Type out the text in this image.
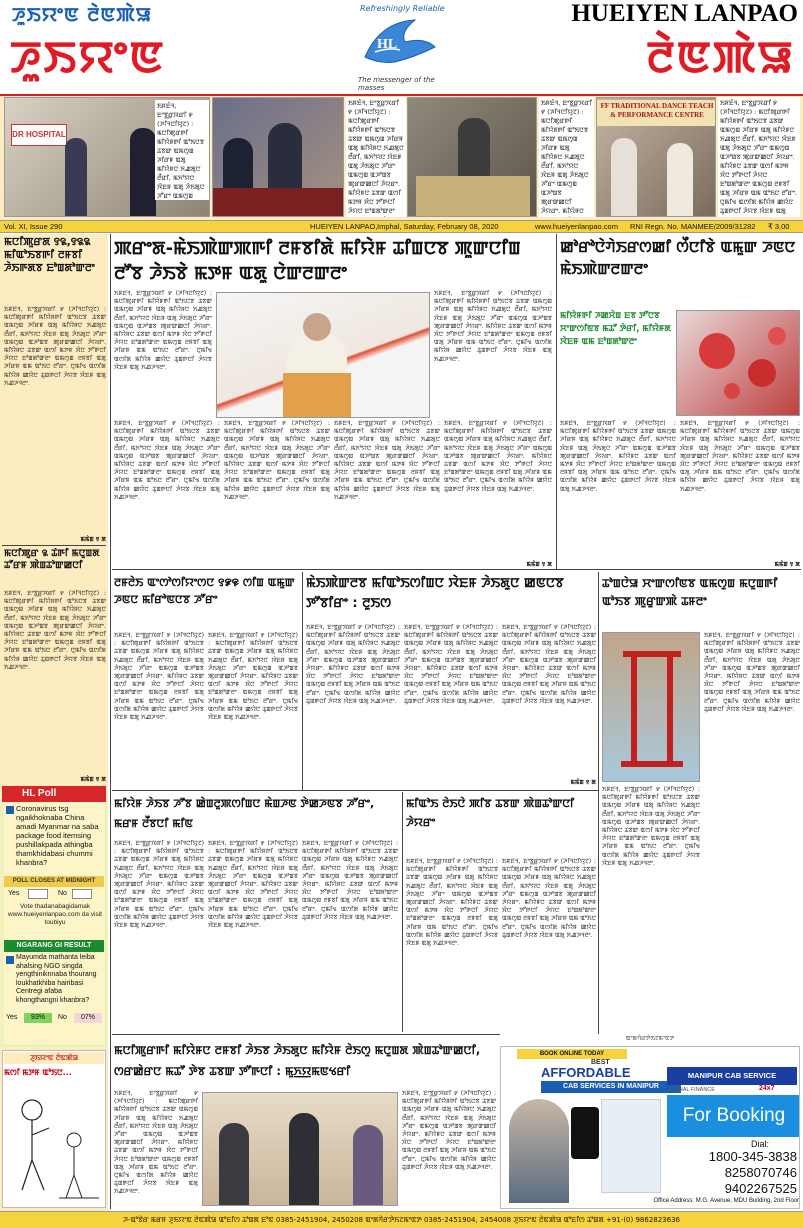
ꯍꯨꯏꯌꯦꯟ ꯂꯥꯟꯄꯥꯎ	HUEIYEN LANPAO
ꯍꯨꯏꯌꯦꯟ	ꯂꯥꯟꯄꯥꯎ
HL
Refreshingly Reliable
The messenger of the masses
DR HOSPITAL
ꯏꯝꯐꯥꯜ, ꯐꯦꯕ꯭ꯔꯨꯋꯔꯤ ꯸ (ꯍꯤꯜꯅꯤꯌꯨꯖ) : ꯃꯅꯤꯄꯨꯔꯒꯤ ꯃꯤꯌꯥꯝꯒꯤ ꯑꯣꯏꯅꯕ ꯊꯕꯛ ꯑꯃꯁꯨꯡ ꯍꯤꯔꯝ ꯑꯗꯨ ꯃꯤꯌꯥꯝꯅ ꯈꯉꯗꯨꯅ ꯂꯩꯔꯤ, ꯃꯈꯣꯌꯅ ꯋꯥꯐꯝ ꯑꯗꯨ ꯍꯥꯏꯗꯨꯅ ꯍꯧꯔꯦ ꯑꯃꯁꯨꯡ
ꯏꯝꯐꯥꯜ, ꯐꯦꯕ꯭ꯔꯨꯋꯔꯤ ꯸ (ꯍꯤꯜꯅꯤꯌꯨꯖ) : ꯃꯅꯤꯄꯨꯔꯒꯤ ꯃꯤꯌꯥꯝꯒꯤ ꯑꯣꯏꯅꯕ ꯊꯕꯛ ꯑꯃꯁꯨꯡ ꯍꯤꯔꯝ ꯑꯗꯨ ꯃꯤꯌꯥꯝꯅ ꯈꯉꯗꯨꯅ ꯂꯩꯔꯤ, ꯃꯈꯣꯌꯅ ꯋꯥꯐꯝ ꯑꯗꯨ ꯍꯥꯏꯗꯨꯅ ꯍꯧꯔꯦ ꯑꯃꯁꯨꯡ ꯑꯍꯣꯡꯕ ꯄꯨꯔꯛꯀꯅꯤ ꯍꯥꯌꯔꯦ. ꯃꯤꯌꯥꯝꯅ ꯊꯕꯛ ꯑꯁꯤ ꯃꯇꯝ ꯆꯥꯅ ꯇꯧꯒꯅꯤ ꯍꯥꯌꯅ ꯐꯣꯡꯗꯣꯛꯂꯦ
ꯏꯝꯐꯥꯜ, ꯐꯦꯕ꯭ꯔꯨꯋꯔꯤ ꯸ (ꯍꯤꯜꯅꯤꯌꯨꯖ) : ꯃꯅꯤꯄꯨꯔꯒꯤ ꯃꯤꯌꯥꯝꯒꯤ ꯑꯣꯏꯅꯕ ꯊꯕꯛ ꯑꯃꯁꯨꯡ ꯍꯤꯔꯝ ꯑꯗꯨ ꯃꯤꯌꯥꯝꯅ ꯈꯉꯗꯨꯅ ꯂꯩꯔꯤ, ꯃꯈꯣꯌꯅ ꯋꯥꯐꯝ ꯑꯗꯨ ꯍꯥꯏꯗꯨꯅ ꯍꯧꯔꯦ ꯑꯃꯁꯨꯡ ꯑꯍꯣꯡꯕ ꯄꯨꯔꯛꯀꯅꯤ ꯍꯥꯌꯔꯦ. ꯃꯤꯌꯥꯝꯅ
FF TRADITIONAL DANCE TEACH & PERFORMANCE CENTRE
ꯏꯝꯐꯥꯜ, ꯐꯦꯕ꯭ꯔꯨꯋꯔꯤ ꯸ (ꯍꯤꯜꯅꯤꯌꯨꯖ) : ꯃꯅꯤꯄꯨꯔꯒꯤ ꯃꯤꯌꯥꯝꯒꯤ ꯑꯣꯏꯅꯕ ꯊꯕꯛ ꯑꯃꯁꯨꯡ ꯍꯤꯔꯝ ꯑꯗꯨ ꯃꯤꯌꯥꯝꯅ ꯈꯉꯗꯨꯅ ꯂꯩꯔꯤ, ꯃꯈꯣꯌꯅ ꯋꯥꯐꯝ ꯑꯗꯨ ꯍꯥꯏꯗꯨꯅ ꯍꯧꯔꯦ ꯑꯃꯁꯨꯡ ꯑꯍꯣꯡꯕ ꯄꯨꯔꯛꯀꯅꯤ ꯍꯥꯌꯔꯦ. ꯃꯤꯌꯥꯝꯅ ꯊꯕꯛ ꯑꯁꯤ ꯃꯇꯝ ꯆꯥꯅ ꯇꯧꯒꯅꯤ ꯍꯥꯌꯅ ꯐꯣꯡꯗꯣꯛꯂꯦ ꯑꯃꯁꯨꯡ ꯂꯝꯕꯤ ꯑꯗꯨ ꯍꯤꯔꯝ ꯑꯃ ꯑꯣꯏꯅ ꯂꯧꯔꯦ. ꯅꯨꯃꯤꯠ ꯑꯁꯤꯗ ꯃꯤꯌꯥꯝ ꯀꯌꯥꯅ ꯊꯨꯡꯒꯅꯤ ꯍꯥꯌꯕ ꯋꯥꯐꯝ ꯑꯗꯨ
Vol. XI, Issue 290	HUEIYEN LANPAO, Imphal, Saturday, February 08, 2020	www.hueiyenlanpao.com RNI Regn. No. MANMEE/2009/31282 ₹ 3.00
ꯃꯅꯤꯄꯨꯔꯗ ꯱꯲,꯱꯲꯲ ꯃꯤꯑꯣꯏꯕꯒꯤ ꯂꯝꯕꯤ ꯍꯥꯏꯒꯗꯕ ꯐꯣꯡꯗꯣꯛꯂꯦ
ꯏꯝꯐꯥꯜ, ꯐꯦꯕ꯭ꯔꯨꯋꯔꯤ ꯸ (ꯍꯤꯜꯅꯤꯌꯨꯖ) : ꯃꯅꯤꯄꯨꯔꯒꯤ ꯃꯤꯌꯥꯝꯒꯤ ꯑꯣꯏꯅꯕ ꯊꯕꯛ ꯑꯃꯁꯨꯡ ꯍꯤꯔꯝ ꯑꯗꯨ ꯃꯤꯌꯥꯝꯅ ꯈꯉꯗꯨꯅ ꯂꯩꯔꯤ, ꯃꯈꯣꯌꯅ ꯋꯥꯐꯝ ꯑꯗꯨ ꯍꯥꯏꯗꯨꯅ ꯍꯧꯔꯦ ꯑꯃꯁꯨꯡ ꯑꯍꯣꯡꯕ ꯄꯨꯔꯛꯀꯅꯤ ꯍꯥꯌꯔꯦ. ꯃꯤꯌꯥꯝꯅ ꯊꯕꯛ ꯑꯁꯤ ꯃꯇꯝ ꯆꯥꯅ ꯇꯧꯒꯅꯤ ꯍꯥꯌꯅ ꯐꯣꯡꯗꯣꯛꯂꯦ ꯑꯃꯁꯨꯡ ꯂꯝꯕꯤ ꯑꯗꯨ ꯍꯤꯔꯝ ꯑꯃ ꯑꯣꯏꯅ ꯂꯧꯔꯦ. ꯅꯨꯃꯤꯠ ꯑꯁꯤꯗ ꯃꯤꯌꯥꯝ ꯀꯌꯥꯅ ꯊꯨꯡꯒꯅꯤ ꯍꯥꯌꯕ ꯋꯥꯐꯝ ꯑꯗꯨ ꯈꯉꯍꯜꯂꯦ.
ꯃꯃꯥꯡ ꯱ ꯗ
ꯃꯅꯤꯄꯨꯔ ꯲ ꯊꯥꯒꯤ ꯃꯅꯨꯡꯗ ꯊꯧꯔꯝ ꯄꯥꯡꯊꯣꯛꯀꯅꯤ
ꯏꯝꯐꯥꯜ, ꯐꯦꯕ꯭ꯔꯨꯋꯔꯤ ꯸ (ꯍꯤꯜꯅꯤꯌꯨꯖ) : ꯃꯅꯤꯄꯨꯔꯒꯤ ꯃꯤꯌꯥꯝꯒꯤ ꯑꯣꯏꯅꯕ ꯊꯕꯛ ꯑꯃꯁꯨꯡ ꯍꯤꯔꯝ ꯑꯗꯨ ꯃꯤꯌꯥꯝꯅ ꯈꯉꯗꯨꯅ ꯂꯩꯔꯤ, ꯃꯈꯣꯌꯅ ꯋꯥꯐꯝ ꯑꯗꯨ ꯍꯥꯏꯗꯨꯅ ꯍꯧꯔꯦ ꯑꯃꯁꯨꯡ ꯑꯍꯣꯡꯕ ꯄꯨꯔꯛꯀꯅꯤ ꯍꯥꯌꯔꯦ. ꯃꯤꯌꯥꯝꯅ ꯊꯕꯛ ꯑꯁꯤ ꯃꯇꯝ ꯆꯥꯅ ꯇꯧꯒꯅꯤ ꯍꯥꯌꯅ ꯐꯣꯡꯗꯣꯛꯂꯦ ꯑꯃꯁꯨꯡ ꯂꯝꯕꯤ ꯑꯗꯨ ꯍꯤꯔꯝ ꯑꯃ ꯑꯣꯏꯅ ꯂꯧꯔꯦ. ꯅꯨꯃꯤꯠ ꯑꯁꯤꯗ ꯃꯤꯌꯥꯝ ꯀꯌꯥꯅ ꯊꯨꯡꯒꯅꯤ ꯍꯥꯌꯕ ꯋꯥꯐꯝ ꯑꯗꯨ ꯈꯉꯍꯜꯂꯦ.
ꯃꯃꯥꯡ ꯱ ꯗ
HL Poll
Coronavirus tsg ngaikhoknaba China amadi Myanmar na saba package food itemsing pushillakpada athingba thamkhidabasi chummi khanbra?
POLL CLOSES AT MIDNIGHT
Yes	No
Vote thadanabagidamak www.hueiyenlanpao.com da visit toubiyu
NGARANG GI RESULT
Mayumda mathanta leiba ahalsing NGO singda yengthiniknnaba thourang loukhatkhiba hairibasi Centregi afaba khongthangni khanbra?
Yes	93%	No	07%
ꯍꯨꯏꯌꯦꯟ ꯂꯥꯟꯄꯥꯎ
ꯃꯁꯤ ꯃꯇꯝ ꯑꯣꯏꯅ...
ꯄꯔꯦꯗ-ꯃꯥꯏꯄꯥꯛꯄꯒꯤ ꯂꯝꯕꯤꯗꯥ ꯃꯤꯌꯥꯝ ꯊꯤꯡꯅꯕ ꯄꯨꯛꯅꯤꯡ ꯂꯧꯕ ꯍꯥꯏꯕꯥ ꯃꯇꯝ ꯑꯗꯨ ꯅꯥꯛꯂꯛꯂꯦ
ꯏꯝꯐꯥꯜ, ꯐꯦꯕ꯭ꯔꯨꯋꯔꯤ ꯸ (ꯍꯤꯜꯅꯤꯌꯨꯖ) : ꯃꯅꯤꯄꯨꯔꯒꯤ ꯃꯤꯌꯥꯝꯒꯤ ꯑꯣꯏꯅꯕ ꯊꯕꯛ ꯑꯃꯁꯨꯡ ꯍꯤꯔꯝ ꯑꯗꯨ ꯃꯤꯌꯥꯝꯅ ꯈꯉꯗꯨꯅ ꯂꯩꯔꯤ, ꯃꯈꯣꯌꯅ ꯋꯥꯐꯝ ꯑꯗꯨ ꯍꯥꯏꯗꯨꯅ ꯍꯧꯔꯦ ꯑꯃꯁꯨꯡ ꯑꯍꯣꯡꯕ ꯄꯨꯔꯛꯀꯅꯤ ꯍꯥꯌꯔꯦ. ꯃꯤꯌꯥꯝꯅ ꯊꯕꯛ ꯑꯁꯤ ꯃꯇꯝ ꯆꯥꯅ ꯇꯧꯒꯅꯤ ꯍꯥꯌꯅ ꯐꯣꯡꯗꯣꯛꯂꯦ ꯑꯃꯁꯨꯡ ꯂꯝꯕꯤ ꯑꯗꯨ ꯍꯤꯔꯝ ꯑꯃ ꯑꯣꯏꯅ ꯂꯧꯔꯦ. ꯅꯨꯃꯤꯠ ꯑꯁꯤꯗ ꯃꯤꯌꯥꯝ ꯀꯌꯥꯅ ꯊꯨꯡꯒꯅꯤ ꯍꯥꯌꯕ ꯋꯥꯐꯝ ꯑꯗꯨ ꯈꯉꯍꯜꯂꯦ.
ꯏꯝꯐꯥꯜ, ꯐꯦꯕ꯭ꯔꯨꯋꯔꯤ ꯸ (ꯍꯤꯜꯅꯤꯌꯨꯖ) : ꯃꯅꯤꯄꯨꯔꯒꯤ ꯃꯤꯌꯥꯝꯒꯤ ꯑꯣꯏꯅꯕ ꯊꯕꯛ ꯑꯃꯁꯨꯡ ꯍꯤꯔꯝ ꯑꯗꯨ ꯃꯤꯌꯥꯝꯅ ꯈꯉꯗꯨꯅ ꯂꯩꯔꯤ, ꯃꯈꯣꯌꯅ ꯋꯥꯐꯝ ꯑꯗꯨ ꯍꯥꯏꯗꯨꯅ ꯍꯧꯔꯦ ꯑꯃꯁꯨꯡ ꯑꯍꯣꯡꯕ ꯄꯨꯔꯛꯀꯅꯤ ꯍꯥꯌꯔꯦ. ꯃꯤꯌꯥꯝꯅ ꯊꯕꯛ ꯑꯁꯤ ꯃꯇꯝ ꯆꯥꯅ ꯇꯧꯒꯅꯤ ꯍꯥꯌꯅ ꯐꯣꯡꯗꯣꯛꯂꯦ ꯑꯃꯁꯨꯡ ꯂꯝꯕꯤ ꯑꯗꯨ ꯍꯤꯔꯝ ꯑꯃ ꯑꯣꯏꯅ ꯂꯧꯔꯦ. ꯅꯨꯃꯤꯠ ꯑꯁꯤꯗ ꯃꯤꯌꯥꯝ ꯀꯌꯥꯅ ꯊꯨꯡꯒꯅꯤ ꯍꯥꯌꯕ ꯋꯥꯐꯝ ꯑꯗꯨ ꯈꯉꯍꯜꯂꯦ.
ꯏꯝꯐꯥꯜ, ꯐꯦꯕ꯭ꯔꯨꯋꯔꯤ ꯸ (ꯍꯤꯜꯅꯤꯌꯨꯖ) : ꯃꯅꯤꯄꯨꯔꯒꯤ ꯃꯤꯌꯥꯝꯒꯤ ꯑꯣꯏꯅꯕ ꯊꯕꯛ ꯑꯃꯁꯨꯡ ꯍꯤꯔꯝ ꯑꯗꯨ ꯃꯤꯌꯥꯝꯅ ꯈꯉꯗꯨꯅ ꯂꯩꯔꯤ, ꯃꯈꯣꯌꯅ ꯋꯥꯐꯝ ꯑꯗꯨ ꯍꯥꯏꯗꯨꯅ ꯍꯧꯔꯦ ꯑꯃꯁꯨꯡ ꯑꯍꯣꯡꯕ ꯄꯨꯔꯛꯀꯅꯤ ꯍꯥꯌꯔꯦ. ꯃꯤꯌꯥꯝꯅ ꯊꯕꯛ ꯑꯁꯤ ꯃꯇꯝ ꯆꯥꯅ ꯇꯧꯒꯅꯤ ꯍꯥꯌꯅ ꯐꯣꯡꯗꯣꯛꯂꯦ ꯑꯃꯁꯨꯡ ꯂꯝꯕꯤ ꯑꯗꯨ ꯍꯤꯔꯝ ꯑꯃ ꯑꯣꯏꯅ ꯂꯧꯔꯦ. ꯅꯨꯃꯤꯠ ꯑꯁꯤꯗ ꯃꯤꯌꯥꯝ ꯀꯌꯥꯅ ꯊꯨꯡꯒꯅꯤ ꯍꯥꯌꯕ ꯋꯥꯐꯝ ꯑꯗꯨ ꯈꯉꯍꯜꯂꯦ.
ꯏꯝꯐꯥꯜ, ꯐꯦꯕ꯭ꯔꯨꯋꯔꯤ ꯸ (ꯍꯤꯜꯅꯤꯌꯨꯖ) : ꯃꯅꯤꯄꯨꯔꯒꯤ ꯃꯤꯌꯥꯝꯒꯤ ꯑꯣꯏꯅꯕ ꯊꯕꯛ ꯑꯃꯁꯨꯡ ꯍꯤꯔꯝ ꯑꯗꯨ ꯃꯤꯌꯥꯝꯅ ꯈꯉꯗꯨꯅ ꯂꯩꯔꯤ, ꯃꯈꯣꯌꯅ ꯋꯥꯐꯝ ꯑꯗꯨ ꯍꯥꯏꯗꯨꯅ ꯍꯧꯔꯦ ꯑꯃꯁꯨꯡ ꯑꯍꯣꯡꯕ ꯄꯨꯔꯛꯀꯅꯤ ꯍꯥꯌꯔꯦ. ꯃꯤꯌꯥꯝꯅ ꯊꯕꯛ ꯑꯁꯤ ꯃꯇꯝ ꯆꯥꯅ ꯇꯧꯒꯅꯤ ꯍꯥꯌꯅ ꯐꯣꯡꯗꯣꯛꯂꯦ ꯑꯃꯁꯨꯡ ꯂꯝꯕꯤ ꯑꯗꯨ ꯍꯤꯔꯝ ꯑꯃ ꯑꯣꯏꯅ ꯂꯧꯔꯦ. ꯅꯨꯃꯤꯠ ꯑꯁꯤꯗ ꯃꯤꯌꯥꯝ ꯀꯌꯥꯅ ꯊꯨꯡꯒꯅꯤ ꯍꯥꯌꯕ ꯋꯥꯐꯝ ꯑꯗꯨ ꯈꯉꯍꯜꯂꯦ.
ꯏꯝꯐꯥꯜ, ꯐꯦꯕ꯭ꯔꯨꯋꯔꯤ ꯸ (ꯍꯤꯜꯅꯤꯌꯨꯖ) : ꯃꯅꯤꯄꯨꯔꯒꯤ ꯃꯤꯌꯥꯝꯒꯤ ꯑꯣꯏꯅꯕ ꯊꯕꯛ ꯑꯃꯁꯨꯡ ꯍꯤꯔꯝ ꯑꯗꯨ ꯃꯤꯌꯥꯝꯅ ꯈꯉꯗꯨꯅ ꯂꯩꯔꯤ, ꯃꯈꯣꯌꯅ ꯋꯥꯐꯝ ꯑꯗꯨ ꯍꯥꯏꯗꯨꯅ ꯍꯧꯔꯦ ꯑꯃꯁꯨꯡ ꯑꯍꯣꯡꯕ ꯄꯨꯔꯛꯀꯅꯤ ꯍꯥꯌꯔꯦ. ꯃꯤꯌꯥꯝꯅ ꯊꯕꯛ ꯑꯁꯤ ꯃꯇꯝ ꯆꯥꯅ ꯇꯧꯒꯅꯤ ꯍꯥꯌꯅ ꯐꯣꯡꯗꯣꯛꯂꯦ ꯑꯃꯁꯨꯡ ꯂꯝꯕꯤ ꯑꯗꯨ ꯍꯤꯔꯝ ꯑꯃ ꯑꯣꯏꯅ ꯂꯧꯔꯦ. ꯅꯨꯃꯤꯠ ꯑꯁꯤꯗ ꯃꯤꯌꯥꯝ ꯀꯌꯥꯅ ꯊꯨꯡꯒꯅꯤ ꯍꯥꯌꯕ ꯋꯥꯐꯝ ꯑꯗꯨ ꯈꯉꯍꯜꯂꯦ.
ꯏꯝꯐꯥꯜ, ꯐꯦꯕ꯭ꯔꯨꯋꯔꯤ ꯸ (ꯍꯤꯜꯅꯤꯌꯨꯖ) : ꯃꯅꯤꯄꯨꯔꯒꯤ ꯃꯤꯌꯥꯝꯒꯤ ꯑꯣꯏꯅꯕ ꯊꯕꯛ ꯑꯃꯁꯨꯡ ꯍꯤꯔꯝ ꯑꯗꯨ ꯃꯤꯌꯥꯝꯅ ꯈꯉꯗꯨꯅ ꯂꯩꯔꯤ, ꯃꯈꯣꯌꯅ ꯋꯥꯐꯝ ꯑꯗꯨ ꯍꯥꯏꯗꯨꯅ ꯍꯧꯔꯦ ꯑꯃꯁꯨꯡ ꯑꯍꯣꯡꯕ ꯄꯨꯔꯛꯀꯅꯤ ꯍꯥꯌꯔꯦ. ꯃꯤꯌꯥꯝꯅ ꯊꯕꯛ ꯑꯁꯤ ꯃꯇꯝ ꯆꯥꯅ ꯇꯧꯒꯅꯤ ꯍꯥꯌꯅ ꯐꯣꯡꯗꯣꯛꯂꯦ ꯑꯃꯁꯨꯡ ꯂꯝꯕꯤ ꯑꯗꯨ ꯍꯤꯔꯝ ꯑꯃ ꯑꯣꯏꯅ ꯂꯧꯔꯦ. ꯅꯨꯃꯤꯠ ꯑꯁꯤꯗ ꯃꯤꯌꯥꯝ ꯀꯌꯥꯅ ꯊꯨꯡꯒꯅꯤ ꯍꯥꯌꯕ ꯋꯥꯐꯝ ꯑꯗꯨ ꯈꯉꯍꯜꯂꯦ.
ꯃꯃꯥꯡ ꯱ ꯗ
ꯀꯣꯔꯣꯅꯥꯚꯥꯏꯔꯁꯀꯤ ꯁꯩꯅꯤꯕꯥ ꯑꯃꯨꯛ ꯍꯟꯅ ꯃꯥꯏꯄꯥꯛꯂꯛꯂꯦ
ꯃꯤꯌꯥꯝꯒꯤ ꯍꯀꯆꯥꯡ ꯐꯕ ꯇꯧꯅꯕ ꯆꯦꯛꯁꯤꯟꯕ ꯃꯊꯧ ꯇꯥꯔꯤ, ꯃꯤꯌꯥꯝꯗ ꯋꯥꯐꯝ ꯑꯃ ꯐꯣꯡꯗꯣꯛꯂꯦ
ꯏꯝꯐꯥꯜ, ꯐꯦꯕ꯭ꯔꯨꯋꯔꯤ ꯸ (ꯍꯤꯜꯅꯤꯌꯨꯖ) : ꯃꯅꯤꯄꯨꯔꯒꯤ ꯃꯤꯌꯥꯝꯒꯤ ꯑꯣꯏꯅꯕ ꯊꯕꯛ ꯑꯃꯁꯨꯡ ꯍꯤꯔꯝ ꯑꯗꯨ ꯃꯤꯌꯥꯝꯅ ꯈꯉꯗꯨꯅ ꯂꯩꯔꯤ, ꯃꯈꯣꯌꯅ ꯋꯥꯐꯝ ꯑꯗꯨ ꯍꯥꯏꯗꯨꯅ ꯍꯧꯔꯦ ꯑꯃꯁꯨꯡ ꯑꯍꯣꯡꯕ ꯄꯨꯔꯛꯀꯅꯤ ꯍꯥꯌꯔꯦ. ꯃꯤꯌꯥꯝꯅ ꯊꯕꯛ ꯑꯁꯤ ꯃꯇꯝ ꯆꯥꯅ ꯇꯧꯒꯅꯤ ꯍꯥꯌꯅ ꯐꯣꯡꯗꯣꯛꯂꯦ ꯑꯃꯁꯨꯡ ꯂꯝꯕꯤ ꯑꯗꯨ ꯍꯤꯔꯝ ꯑꯃ ꯑꯣꯏꯅ ꯂꯧꯔꯦ. ꯅꯨꯃꯤꯠ ꯑꯁꯤꯗ ꯃꯤꯌꯥꯝ ꯀꯌꯥꯅ ꯊꯨꯡꯒꯅꯤ ꯍꯥꯌꯕ ꯋꯥꯐꯝ ꯑꯗꯨ ꯈꯉꯍꯜꯂꯦ.
ꯏꯝꯐꯥꯜ, ꯐꯦꯕ꯭ꯔꯨꯋꯔꯤ ꯸ (ꯍꯤꯜꯅꯤꯌꯨꯖ) : ꯃꯅꯤꯄꯨꯔꯒꯤ ꯃꯤꯌꯥꯝꯒꯤ ꯑꯣꯏꯅꯕ ꯊꯕꯛ ꯑꯃꯁꯨꯡ ꯍꯤꯔꯝ ꯑꯗꯨ ꯃꯤꯌꯥꯝꯅ ꯈꯉꯗꯨꯅ ꯂꯩꯔꯤ, ꯃꯈꯣꯌꯅ ꯋꯥꯐꯝ ꯑꯗꯨ ꯍꯥꯏꯗꯨꯅ ꯍꯧꯔꯦ ꯑꯃꯁꯨꯡ ꯑꯍꯣꯡꯕ ꯄꯨꯔꯛꯀꯅꯤ ꯍꯥꯌꯔꯦ. ꯃꯤꯌꯥꯝꯅ ꯊꯕꯛ ꯑꯁꯤ ꯃꯇꯝ ꯆꯥꯅ ꯇꯧꯒꯅꯤ ꯍꯥꯌꯅ ꯐꯣꯡꯗꯣꯛꯂꯦ ꯑꯃꯁꯨꯡ ꯂꯝꯕꯤ ꯑꯗꯨ ꯍꯤꯔꯝ ꯑꯃ ꯑꯣꯏꯅ ꯂꯧꯔꯦ. ꯅꯨꯃꯤꯠ ꯑꯁꯤꯗ ꯃꯤꯌꯥꯝ ꯀꯌꯥꯅ ꯊꯨꯡꯒꯅꯤ ꯍꯥꯌꯕ ꯋꯥꯐꯝ ꯑꯗꯨ ꯈꯉꯍꯜꯂꯦ.
ꯃꯃꯥꯡ ꯱ ꯗ
ꯂꯝꯂꯥꯏ ꯑꯦꯁꯣꯁꯤꯌꯦꯁꯅ ꯱꯹꯶ ꯁꯤꯡ ꯑꯃꯨꯛ ꯍꯟꯅ ꯃꯤꯔꯣꯟꯅꯕ ꯍꯧꯔꯦ
ꯏꯝꯐꯥꯜ, ꯐꯦꯕ꯭ꯔꯨꯋꯔꯤ ꯸ (ꯍꯤꯜꯅꯤꯌꯨꯖ) : ꯃꯅꯤꯄꯨꯔꯒꯤ ꯃꯤꯌꯥꯝꯒꯤ ꯑꯣꯏꯅꯕ ꯊꯕꯛ ꯑꯃꯁꯨꯡ ꯍꯤꯔꯝ ꯑꯗꯨ ꯃꯤꯌꯥꯝꯅ ꯈꯉꯗꯨꯅ ꯂꯩꯔꯤ, ꯃꯈꯣꯌꯅ ꯋꯥꯐꯝ ꯑꯗꯨ ꯍꯥꯏꯗꯨꯅ ꯍꯧꯔꯦ ꯑꯃꯁꯨꯡ ꯑꯍꯣꯡꯕ ꯄꯨꯔꯛꯀꯅꯤ ꯍꯥꯌꯔꯦ. ꯃꯤꯌꯥꯝꯅ ꯊꯕꯛ ꯑꯁꯤ ꯃꯇꯝ ꯆꯥꯅ ꯇꯧꯒꯅꯤ ꯍꯥꯌꯅ ꯐꯣꯡꯗꯣꯛꯂꯦ ꯑꯃꯁꯨꯡ ꯂꯝꯕꯤ ꯑꯗꯨ ꯍꯤꯔꯝ ꯑꯃ ꯑꯣꯏꯅ ꯂꯧꯔꯦ. ꯅꯨꯃꯤꯠ ꯑꯁꯤꯗ ꯃꯤꯌꯥꯝ ꯀꯌꯥꯅ ꯊꯨꯡꯒꯅꯤ ꯍꯥꯌꯕ ꯋꯥꯐꯝ ꯑꯗꯨ ꯈꯉꯍꯜꯂꯦ.
ꯏꯝꯐꯥꯜ, ꯐꯦꯕ꯭ꯔꯨꯋꯔꯤ ꯸ (ꯍꯤꯜꯅꯤꯌꯨꯖ) : ꯃꯅꯤꯄꯨꯔꯒꯤ ꯃꯤꯌꯥꯝꯒꯤ ꯑꯣꯏꯅꯕ ꯊꯕꯛ ꯑꯃꯁꯨꯡ ꯍꯤꯔꯝ ꯑꯗꯨ ꯃꯤꯌꯥꯝꯅ ꯈꯉꯗꯨꯅ ꯂꯩꯔꯤ, ꯃꯈꯣꯌꯅ ꯋꯥꯐꯝ ꯑꯗꯨ ꯍꯥꯏꯗꯨꯅ ꯍꯧꯔꯦ ꯑꯃꯁꯨꯡ ꯑꯍꯣꯡꯕ ꯄꯨꯔꯛꯀꯅꯤ ꯍꯥꯌꯔꯦ. ꯃꯤꯌꯥꯝꯅ ꯊꯕꯛ ꯑꯁꯤ ꯃꯇꯝ ꯆꯥꯅ ꯇꯧꯒꯅꯤ ꯍꯥꯌꯅ ꯐꯣꯡꯗꯣꯛꯂꯦ ꯑꯃꯁꯨꯡ ꯂꯝꯕꯤ ꯑꯗꯨ ꯍꯤꯔꯝ ꯑꯃ ꯑꯣꯏꯅ ꯂꯧꯔꯦ. ꯅꯨꯃꯤꯠ ꯑꯁꯤꯗ ꯃꯤꯌꯥꯝ ꯀꯌꯥꯅ ꯊꯨꯡꯒꯅꯤ ꯍꯥꯌꯕ ꯋꯥꯐꯝ ꯑꯗꯨ ꯈꯉꯍꯜꯂꯦ.
ꯃꯥꯏꯄꯥꯛꯂꯕ ꯃꯤꯑꯣꯏꯁꯤꯡꯅ ꯋꯥꯐꯝ ꯍꯥꯏꯗꯨꯅ ꯀꯟꯅꯕ ꯇꯧꯕꯤꯔꯦ : ꯂꯨꯏꯁ
ꯏꯝꯐꯥꯜ, ꯐꯦꯕ꯭ꯔꯨꯋꯔꯤ ꯸ (ꯍꯤꯜꯅꯤꯌꯨꯖ) : ꯃꯅꯤꯄꯨꯔꯒꯤ ꯃꯤꯌꯥꯝꯒꯤ ꯑꯣꯏꯅꯕ ꯊꯕꯛ ꯑꯃꯁꯨꯡ ꯍꯤꯔꯝ ꯑꯗꯨ ꯃꯤꯌꯥꯝꯅ ꯈꯉꯗꯨꯅ ꯂꯩꯔꯤ, ꯃꯈꯣꯌꯅ ꯋꯥꯐꯝ ꯑꯗꯨ ꯍꯥꯏꯗꯨꯅ ꯍꯧꯔꯦ ꯑꯃꯁꯨꯡ ꯑꯍꯣꯡꯕ ꯄꯨꯔꯛꯀꯅꯤ ꯍꯥꯌꯔꯦ. ꯃꯤꯌꯥꯝꯅ ꯊꯕꯛ ꯑꯁꯤ ꯃꯇꯝ ꯆꯥꯅ ꯇꯧꯒꯅꯤ ꯍꯥꯌꯅ ꯐꯣꯡꯗꯣꯛꯂꯦ ꯑꯃꯁꯨꯡ ꯂꯝꯕꯤ ꯑꯗꯨ ꯍꯤꯔꯝ ꯑꯃ ꯑꯣꯏꯅ ꯂꯧꯔꯦ. ꯅꯨꯃꯤꯠ ꯑꯁꯤꯗ ꯃꯤꯌꯥꯝ ꯀꯌꯥꯅ ꯊꯨꯡꯒꯅꯤ ꯍꯥꯌꯕ ꯋꯥꯐꯝ ꯑꯗꯨ ꯈꯉꯍꯜꯂꯦ.
ꯏꯝꯐꯥꯜ, ꯐꯦꯕ꯭ꯔꯨꯋꯔꯤ ꯸ (ꯍꯤꯜꯅꯤꯌꯨꯖ) : ꯃꯅꯤꯄꯨꯔꯒꯤ ꯃꯤꯌꯥꯝꯒꯤ ꯑꯣꯏꯅꯕ ꯊꯕꯛ ꯑꯃꯁꯨꯡ ꯍꯤꯔꯝ ꯑꯗꯨ ꯃꯤꯌꯥꯝꯅ ꯈꯉꯗꯨꯅ ꯂꯩꯔꯤ, ꯃꯈꯣꯌꯅ ꯋꯥꯐꯝ ꯑꯗꯨ ꯍꯥꯏꯗꯨꯅ ꯍꯧꯔꯦ ꯑꯃꯁꯨꯡ ꯑꯍꯣꯡꯕ ꯄꯨꯔꯛꯀꯅꯤ ꯍꯥꯌꯔꯦ. ꯃꯤꯌꯥꯝꯅ ꯊꯕꯛ ꯑꯁꯤ ꯃꯇꯝ ꯆꯥꯅ ꯇꯧꯒꯅꯤ ꯍꯥꯌꯅ ꯐꯣꯡꯗꯣꯛꯂꯦ ꯑꯃꯁꯨꯡ ꯂꯝꯕꯤ ꯑꯗꯨ ꯍꯤꯔꯝ ꯑꯃ ꯑꯣꯏꯅ ꯂꯧꯔꯦ. ꯅꯨꯃꯤꯠ ꯑꯁꯤꯗ ꯃꯤꯌꯥꯝ ꯀꯌꯥꯅ ꯊꯨꯡꯒꯅꯤ ꯍꯥꯌꯕ ꯋꯥꯐꯝ ꯑꯗꯨ ꯈꯉꯍꯜꯂꯦ.
ꯏꯝꯐꯥꯜ, ꯐꯦꯕ꯭ꯔꯨꯋꯔꯤ ꯸ (ꯍꯤꯜꯅꯤꯌꯨꯖ) : ꯃꯅꯤꯄꯨꯔꯒꯤ ꯃꯤꯌꯥꯝꯒꯤ ꯑꯣꯏꯅꯕ ꯊꯕꯛ ꯑꯃꯁꯨꯡ ꯍꯤꯔꯝ ꯑꯗꯨ ꯃꯤꯌꯥꯝꯅ ꯈꯉꯗꯨꯅ ꯂꯩꯔꯤ, ꯃꯈꯣꯌꯅ ꯋꯥꯐꯝ ꯑꯗꯨ ꯍꯥꯏꯗꯨꯅ ꯍꯧꯔꯦ ꯑꯃꯁꯨꯡ ꯑꯍꯣꯡꯕ ꯄꯨꯔꯛꯀꯅꯤ ꯍꯥꯌꯔꯦ. ꯃꯤꯌꯥꯝꯅ ꯊꯕꯛ ꯑꯁꯤ ꯃꯇꯝ ꯆꯥꯅ ꯇꯧꯒꯅꯤ ꯍꯥꯌꯅ ꯐꯣꯡꯗꯣꯛꯂꯦ ꯑꯃꯁꯨꯡ ꯂꯝꯕꯤ ꯑꯗꯨ ꯍꯤꯔꯝ ꯑꯃ ꯑꯣꯏꯅ ꯂꯧꯔꯦ. ꯅꯨꯃꯤꯠ ꯑꯁꯤꯗ ꯃꯤꯌꯥꯝ ꯀꯌꯥꯅ ꯊꯨꯡꯒꯅꯤ ꯍꯥꯌꯕ ꯋꯥꯐꯝ ꯑꯗꯨ ꯈꯉꯍꯜꯂꯦ.
ꯃꯃꯥꯡ ꯱ ꯗ
ꯊꯣꯡꯅꯥꯎ ꯆꯦꯛꯁꯤꯟꯕ ꯑꯃꯁꯨꯡ ꯃꯅꯨꯡꯒꯤ ꯑꯣꯏꯕ ꯄꯨꯔꯨꯛꯄꯥ ꯊꯝꯂꯦ
ꯏꯝꯐꯥꯜ, ꯐꯦꯕ꯭ꯔꯨꯋꯔꯤ ꯸ (ꯍꯤꯜꯅꯤꯌꯨꯖ) : ꯃꯅꯤꯄꯨꯔꯒꯤ ꯃꯤꯌꯥꯝꯒꯤ ꯑꯣꯏꯅꯕ ꯊꯕꯛ ꯑꯃꯁꯨꯡ ꯍꯤꯔꯝ ꯑꯗꯨ ꯃꯤꯌꯥꯝꯅ ꯈꯉꯗꯨꯅ ꯂꯩꯔꯤ, ꯃꯈꯣꯌꯅ ꯋꯥꯐꯝ ꯑꯗꯨ ꯍꯥꯏꯗꯨꯅ ꯍꯧꯔꯦ ꯑꯃꯁꯨꯡ ꯑꯍꯣꯡꯕ ꯄꯨꯔꯛꯀꯅꯤ ꯍꯥꯌꯔꯦ. ꯃꯤꯌꯥꯝꯅ ꯊꯕꯛ ꯑꯁꯤ ꯃꯇꯝ ꯆꯥꯅ ꯇꯧꯒꯅꯤ ꯍꯥꯌꯅ ꯐꯣꯡꯗꯣꯛꯂꯦ ꯑꯃꯁꯨꯡ ꯂꯝꯕꯤ ꯑꯗꯨ ꯍꯤꯔꯝ ꯑꯃ ꯑꯣꯏꯅ ꯂꯧꯔꯦ. ꯅꯨꯃꯤꯠ ꯑꯁꯤꯗ ꯃꯤꯌꯥꯝ ꯀꯌꯥꯅ ꯊꯨꯡꯒꯅꯤ ꯍꯥꯌꯕ ꯋꯥꯐꯝ ꯑꯗꯨ ꯈꯉꯍꯜꯂꯦ.
ꯏꯝꯐꯥꯜ, ꯐꯦꯕ꯭ꯔꯨꯋꯔꯤ ꯸ (ꯍꯤꯜꯅꯤꯌꯨꯖ) : ꯃꯅꯤꯄꯨꯔꯒꯤ ꯃꯤꯌꯥꯝꯒꯤ ꯑꯣꯏꯅꯕ ꯊꯕꯛ ꯑꯃꯁꯨꯡ ꯍꯤꯔꯝ ꯑꯗꯨ ꯃꯤꯌꯥꯝꯅ ꯈꯉꯗꯨꯅ ꯂꯩꯔꯤ, ꯃꯈꯣꯌꯅ ꯋꯥꯐꯝ ꯑꯗꯨ ꯍꯥꯏꯗꯨꯅ ꯍꯧꯔꯦ ꯑꯃꯁꯨꯡ ꯑꯍꯣꯡꯕ ꯄꯨꯔꯛꯀꯅꯤ ꯍꯥꯌꯔꯦ. ꯃꯤꯌꯥꯝꯅ ꯊꯕꯛ ꯑꯁꯤ ꯃꯇꯝ ꯆꯥꯅ ꯇꯧꯒꯅꯤ ꯍꯥꯌꯅ ꯐꯣꯡꯗꯣꯛꯂꯦ ꯑꯃꯁꯨꯡ ꯂꯝꯕꯤ ꯑꯗꯨ ꯍꯤꯔꯝ ꯑꯃ ꯑꯣꯏꯅ ꯂꯧꯔꯦ. ꯅꯨꯃꯤꯠ ꯑꯁꯤꯗ ꯃꯤꯌꯥꯝ ꯀꯌꯥꯅ ꯊꯨꯡꯒꯅꯤ ꯍꯥꯌꯕ ꯋꯥꯐꯝ ꯑꯗꯨ ꯈꯉꯍꯜꯂꯦ.
ꯃꯤꯌꯥꯝ ꯍꯥꯏꯕ ꯍꯧꯕ ꯀꯥꯡꯂꯨꯄꯁꯤꯡꯅ ꯃꯥꯡꯍꯟ ꯇꯥꯀꯍꯟꯕ ꯍꯧꯔꯦ, ꯃꯔꯝ ꯂꯩꯕꯅꯤ ꯃꯤꯟ
ꯏꯝꯐꯥꯜ, ꯐꯦꯕ꯭ꯔꯨꯋꯔꯤ ꯸ (ꯍꯤꯜꯅꯤꯌꯨꯖ) : ꯃꯅꯤꯄꯨꯔꯒꯤ ꯃꯤꯌꯥꯝꯒꯤ ꯑꯣꯏꯅꯕ ꯊꯕꯛ ꯑꯃꯁꯨꯡ ꯍꯤꯔꯝ ꯑꯗꯨ ꯃꯤꯌꯥꯝꯅ ꯈꯉꯗꯨꯅ ꯂꯩꯔꯤ, ꯃꯈꯣꯌꯅ ꯋꯥꯐꯝ ꯑꯗꯨ ꯍꯥꯏꯗꯨꯅ ꯍꯧꯔꯦ ꯑꯃꯁꯨꯡ ꯑꯍꯣꯡꯕ ꯄꯨꯔꯛꯀꯅꯤ ꯍꯥꯌꯔꯦ. ꯃꯤꯌꯥꯝꯅ ꯊꯕꯛ ꯑꯁꯤ ꯃꯇꯝ ꯆꯥꯅ ꯇꯧꯒꯅꯤ ꯍꯥꯌꯅ ꯐꯣꯡꯗꯣꯛꯂꯦ ꯑꯃꯁꯨꯡ ꯂꯝꯕꯤ ꯑꯗꯨ ꯍꯤꯔꯝ ꯑꯃ ꯑꯣꯏꯅ ꯂꯧꯔꯦ. ꯅꯨꯃꯤꯠ ꯑꯁꯤꯗ ꯃꯤꯌꯥꯝ ꯀꯌꯥꯅ ꯊꯨꯡꯒꯅꯤ ꯍꯥꯌꯕ ꯋꯥꯐꯝ ꯑꯗꯨ ꯈꯉꯍꯜꯂꯦ.
ꯏꯝꯐꯥꯜ, ꯐꯦꯕ꯭ꯔꯨꯋꯔꯤ ꯸ (ꯍꯤꯜꯅꯤꯌꯨꯖ) : ꯃꯅꯤꯄꯨꯔꯒꯤ ꯃꯤꯌꯥꯝꯒꯤ ꯑꯣꯏꯅꯕ ꯊꯕꯛ ꯑꯃꯁꯨꯡ ꯍꯤꯔꯝ ꯑꯗꯨ ꯃꯤꯌꯥꯝꯅ ꯈꯉꯗꯨꯅ ꯂꯩꯔꯤ, ꯃꯈꯣꯌꯅ ꯋꯥꯐꯝ ꯑꯗꯨ ꯍꯥꯏꯗꯨꯅ ꯍꯧꯔꯦ ꯑꯃꯁꯨꯡ ꯑꯍꯣꯡꯕ ꯄꯨꯔꯛꯀꯅꯤ ꯍꯥꯌꯔꯦ. ꯃꯤꯌꯥꯝꯅ ꯊꯕꯛ ꯑꯁꯤ ꯃꯇꯝ ꯆꯥꯅ ꯇꯧꯒꯅꯤ ꯍꯥꯌꯅ ꯐꯣꯡꯗꯣꯛꯂꯦ ꯑꯃꯁꯨꯡ ꯂꯝꯕꯤ ꯑꯗꯨ ꯍꯤꯔꯝ ꯑꯃ ꯑꯣꯏꯅ ꯂꯧꯔꯦ. ꯅꯨꯃꯤꯠ ꯑꯁꯤꯗ ꯃꯤꯌꯥꯝ ꯀꯌꯥꯅ ꯊꯨꯡꯒꯅꯤ ꯍꯥꯌꯕ ꯋꯥꯐꯝ ꯑꯗꯨ ꯈꯉꯍꯜꯂꯦ.
ꯏꯝꯐꯥꯜ, ꯐꯦꯕ꯭ꯔꯨꯋꯔꯤ ꯸ (ꯍꯤꯜꯅꯤꯌꯨꯖ) : ꯃꯅꯤꯄꯨꯔꯒꯤ ꯃꯤꯌꯥꯝꯒꯤ ꯑꯣꯏꯅꯕ ꯊꯕꯛ ꯑꯃꯁꯨꯡ ꯍꯤꯔꯝ ꯑꯗꯨ ꯃꯤꯌꯥꯝꯅ ꯈꯉꯗꯨꯅ ꯂꯩꯔꯤ, ꯃꯈꯣꯌꯅ ꯋꯥꯐꯝ ꯑꯗꯨ ꯍꯥꯏꯗꯨꯅ ꯍꯧꯔꯦ ꯑꯃꯁꯨꯡ ꯑꯍꯣꯡꯕ ꯄꯨꯔꯛꯀꯅꯤ ꯍꯥꯌꯔꯦ. ꯃꯤꯌꯥꯝꯅ ꯊꯕꯛ ꯑꯁꯤ ꯃꯇꯝ ꯆꯥꯅ ꯇꯧꯒꯅꯤ ꯍꯥꯌꯅ ꯐꯣꯡꯗꯣꯛꯂꯦ ꯑꯃꯁꯨꯡ ꯂꯝꯕꯤ ꯑꯗꯨ ꯍꯤꯔꯝ ꯑꯃ ꯑꯣꯏꯅ ꯂꯧꯔꯦ. ꯅꯨꯃꯤꯠ ꯑꯁꯤꯗ ꯃꯤꯌꯥꯝ ꯀꯌꯥꯅ ꯊꯨꯡꯒꯅꯤ ꯍꯥꯌꯕ ꯋꯥꯐꯝ ꯑꯗꯨ ꯈꯉꯍꯜꯂꯦ.
ꯃꯤꯑꯣꯏ ꯂꯥꯏꯅꯥ ꯄꯤꯕ ꯊꯕꯛ ꯄꯥꯡꯊꯣꯛꯅꯤ ꯍꯥꯌꯔꯦ
ꯏꯝꯐꯥꯜ, ꯐꯦꯕ꯭ꯔꯨꯋꯔꯤ ꯸ (ꯍꯤꯜꯅꯤꯌꯨꯖ) : ꯃꯅꯤꯄꯨꯔꯒꯤ ꯃꯤꯌꯥꯝꯒꯤ ꯑꯣꯏꯅꯕ ꯊꯕꯛ ꯑꯃꯁꯨꯡ ꯍꯤꯔꯝ ꯑꯗꯨ ꯃꯤꯌꯥꯝꯅ ꯈꯉꯗꯨꯅ ꯂꯩꯔꯤ, ꯃꯈꯣꯌꯅ ꯋꯥꯐꯝ ꯑꯗꯨ ꯍꯥꯏꯗꯨꯅ ꯍꯧꯔꯦ ꯑꯃꯁꯨꯡ ꯑꯍꯣꯡꯕ ꯄꯨꯔꯛꯀꯅꯤ ꯍꯥꯌꯔꯦ. ꯃꯤꯌꯥꯝꯅ ꯊꯕꯛ ꯑꯁꯤ ꯃꯇꯝ ꯆꯥꯅ ꯇꯧꯒꯅꯤ ꯍꯥꯌꯅ ꯐꯣꯡꯗꯣꯛꯂꯦ ꯑꯃꯁꯨꯡ ꯂꯝꯕꯤ ꯑꯗꯨ ꯍꯤꯔꯝ ꯑꯃ ꯑꯣꯏꯅ ꯂꯧꯔꯦ. ꯅꯨꯃꯤꯠ ꯑꯁꯤꯗ ꯃꯤꯌꯥꯝ ꯀꯌꯥꯅ ꯊꯨꯡꯒꯅꯤ ꯍꯥꯌꯕ ꯋꯥꯐꯝ ꯑꯗꯨ ꯈꯉꯍꯜꯂꯦ.
ꯏꯝꯐꯥꯜ, ꯐꯦꯕ꯭ꯔꯨꯋꯔꯤ ꯸ (ꯍꯤꯜꯅꯤꯌꯨꯖ) : ꯃꯅꯤꯄꯨꯔꯒꯤ ꯃꯤꯌꯥꯝꯒꯤ ꯑꯣꯏꯅꯕ ꯊꯕꯛ ꯑꯃꯁꯨꯡ ꯍꯤꯔꯝ ꯑꯗꯨ ꯃꯤꯌꯥꯝꯅ ꯈꯉꯗꯨꯅ ꯂꯩꯔꯤ, ꯃꯈꯣꯌꯅ ꯋꯥꯐꯝ ꯑꯗꯨ ꯍꯥꯏꯗꯨꯅ ꯍꯧꯔꯦ ꯑꯃꯁꯨꯡ ꯑꯍꯣꯡꯕ ꯄꯨꯔꯛꯀꯅꯤ ꯍꯥꯌꯔꯦ. ꯃꯤꯌꯥꯝꯅ ꯊꯕꯛ ꯑꯁꯤ ꯃꯇꯝ ꯆꯥꯅ ꯇꯧꯒꯅꯤ ꯍꯥꯌꯅ ꯐꯣꯡꯗꯣꯛꯂꯦ ꯑꯃꯁꯨꯡ ꯂꯝꯕꯤ ꯑꯗꯨ ꯍꯤꯔꯝ ꯑꯃ ꯑꯣꯏꯅ ꯂꯧꯔꯦ. ꯅꯨꯃꯤꯠ ꯑꯁꯤꯗ ꯃꯤꯌꯥꯝ ꯀꯌꯥꯅ ꯊꯨꯡꯒꯅꯤ ꯍꯥꯌꯕ ꯋꯥꯐꯝ ꯑꯗꯨ ꯈꯉꯍꯜꯂꯦ.
ꯃꯅꯤꯄꯨꯔꯒꯤ ꯃꯤꯌꯥꯝꯅ ꯂꯝꯕꯤ ꯍꯥꯏꯕ ꯍꯥꯏꯗꯨꯅ ꯃꯤꯌꯥꯝ ꯂꯥꯏꯁꯨ ꯃꯅꯨꯡꯗ ꯄꯥꯡꯊꯣꯛꯀꯅꯤ, ꯁꯔꯀꯥꯔꯅ ꯃꯊꯧ ꯇꯥꯕ ꯊꯕꯛ ꯇꯧꯒꯅꯤ : ꯃꯨꯈ꯭ꯌꯃꯟꯠꯔꯤ
ꯏꯝꯐꯥꯜ, ꯐꯦꯕ꯭ꯔꯨꯋꯔꯤ ꯸ (ꯍꯤꯜꯅꯤꯌꯨꯖ) : ꯃꯅꯤꯄꯨꯔꯒꯤ ꯃꯤꯌꯥꯝꯒꯤ ꯑꯣꯏꯅꯕ ꯊꯕꯛ ꯑꯃꯁꯨꯡ ꯍꯤꯔꯝ ꯑꯗꯨ ꯃꯤꯌꯥꯝꯅ ꯈꯉꯗꯨꯅ ꯂꯩꯔꯤ, ꯃꯈꯣꯌꯅ ꯋꯥꯐꯝ ꯑꯗꯨ ꯍꯥꯏꯗꯨꯅ ꯍꯧꯔꯦ ꯑꯃꯁꯨꯡ ꯑꯍꯣꯡꯕ ꯄꯨꯔꯛꯀꯅꯤ ꯍꯥꯌꯔꯦ. ꯃꯤꯌꯥꯝꯅ ꯊꯕꯛ ꯑꯁꯤ ꯃꯇꯝ ꯆꯥꯅ ꯇꯧꯒꯅꯤ ꯍꯥꯌꯅ ꯐꯣꯡꯗꯣꯛꯂꯦ ꯑꯃꯁꯨꯡ ꯂꯝꯕꯤ ꯑꯗꯨ ꯍꯤꯔꯝ ꯑꯃ ꯑꯣꯏꯅ ꯂꯧꯔꯦ. ꯅꯨꯃꯤꯠ ꯑꯁꯤꯗ ꯃꯤꯌꯥꯝ ꯀꯌꯥꯅ ꯊꯨꯡꯒꯅꯤ ꯍꯥꯌꯕ ꯋꯥꯐꯝ ꯑꯗꯨ ꯈꯉꯍꯜꯂꯦ.
ꯏꯝꯐꯥꯜ, ꯐꯦꯕ꯭ꯔꯨꯋꯔꯤ ꯸ (ꯍꯤꯜꯅꯤꯌꯨꯖ) : ꯃꯅꯤꯄꯨꯔꯒꯤ ꯃꯤꯌꯥꯝꯒꯤ ꯑꯣꯏꯅꯕ ꯊꯕꯛ ꯑꯃꯁꯨꯡ ꯍꯤꯔꯝ ꯑꯗꯨ ꯃꯤꯌꯥꯝꯅ ꯈꯉꯗꯨꯅ ꯂꯩꯔꯤ, ꯃꯈꯣꯌꯅ ꯋꯥꯐꯝ ꯑꯗꯨ ꯍꯥꯏꯗꯨꯅ ꯍꯧꯔꯦ ꯑꯃꯁꯨꯡ ꯑꯍꯣꯡꯕ ꯄꯨꯔꯛꯀꯅꯤ ꯍꯥꯌꯔꯦ. ꯃꯤꯌꯥꯝꯅ ꯊꯕꯛ ꯑꯁꯤ ꯃꯇꯝ ꯆꯥꯅ ꯇꯧꯒꯅꯤ ꯍꯥꯌꯅ ꯐꯣꯡꯗꯣꯛꯂꯦ ꯑꯃꯁꯨꯡ ꯂꯝꯕꯤ ꯑꯗꯨ ꯍꯤꯔꯝ ꯑꯃ ꯑꯣꯏꯅ ꯂꯧꯔꯦ. ꯅꯨꯃꯤꯠ ꯑꯁꯤꯗ ꯃꯤꯌꯥꯝ ꯀꯌꯥꯅ ꯊꯨꯡꯒꯅꯤ ꯍꯥꯌꯕ ꯋꯥꯐꯝ ꯑꯗꯨ ꯈꯉꯍꯜꯂꯦ.
ꯑꯦꯗꯚꯥꯔꯇꯥꯏꯖꯃꯦꯟꯇ
BOOK ONLINE TODAY
BEST
AFFORDABLE
CAB SERVICES IN MANIPUR
MANIPUR CAB SERVICE
24x7
IMPHAL FINANCE
For Booking
Dial:
1800-345-3838
8258070746
9402267525
Office Address: M.G. Avenue, MDU Building, 2nd Floor
ꯍ-ꯑꯣꯕꯥꯔ ꯃꯔꯝ ꯍꯨꯏꯌꯦꯟ ꯂꯥꯟꯄꯥꯎ ꯑꯣꯐꯤꯁ ꯊꯣꯡꯗ ꯐꯣꯟ 0385-2451904, 2450208 ꯑꯦꯗꯚꯥꯔꯇꯥꯏꯖꯃꯦꯟꯇ 0385-2451904, 2454008 ꯍꯨꯏꯌꯦꯟ ꯂꯥꯟꯄꯥꯎ ꯑꯣꯐꯤꯁ ꯊꯣꯡꯗ +91-(0) 9862823636
